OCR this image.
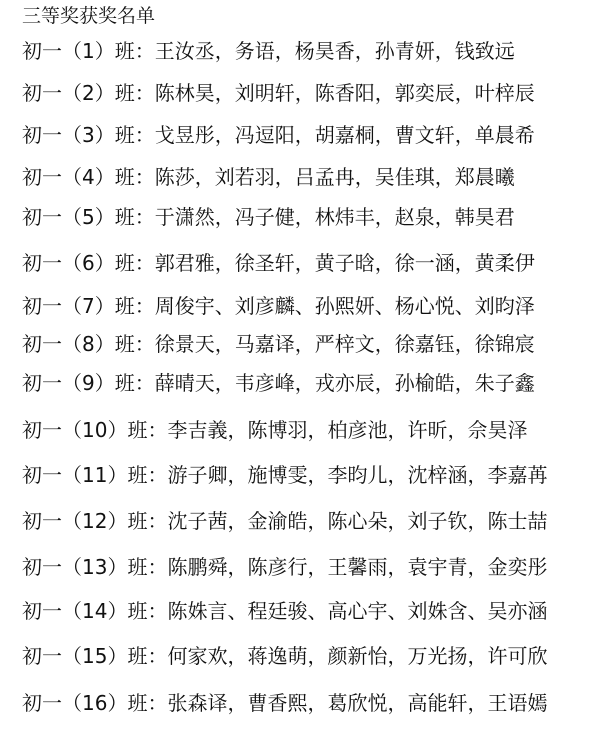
三等奖获奖名单
初一（1）班：王汝丞，务语，杨昊香，孙青妍，钱致远
初一（2）班：陈林昊，刘明轩，陈香阳，郭奕辰，叶梓辰
初一（3）班：戈昱彤，冯逗阳，胡嘉桐，曹文轩，单晨希
初一（4）班：陈莎，刘若羽，吕孟冉，吴佳琪，郑晨曦
初一（5）班：于潇然，冯子健，林炜丰，赵泉，韩昊君
初一（6）班：郭君雅，徐圣轩，黄子晗，徐一涵，黄柔伊
初一（7）班：周俊宇、刘彦麟、孙熙妍、杨心悦、刘昀泽
初一（8）班：徐景天，马嘉译，严梓文，徐嘉钰，徐锦宸
初一（9）班：薛晴天，韦彦峰，戎亦辰，孙榆皓，朱子鑫
初一（10）班：李吉義，陈博羽，柏彦池，许昕，佘昊泽
初一（11）班：游子卿，施博雯，李昀儿，沈梓涵，李嘉苒
初一（12）班：沈子茜，金渝皓，陈心朵，刘子钦，陈士喆
初一（13）班：陈鹏舜，陈彦行，王馨雨，袁宇青，金奕彤
初一（14）班：陈姝言、程廷骏、高心宇、刘姝含、吴亦涵
初一（15）班：何家欢，蒋逸萌，颜新怡，万光扬，许可欣
初一（16）班：张森译，曹香熙，葛欣悦，高能轩，王语嫣
